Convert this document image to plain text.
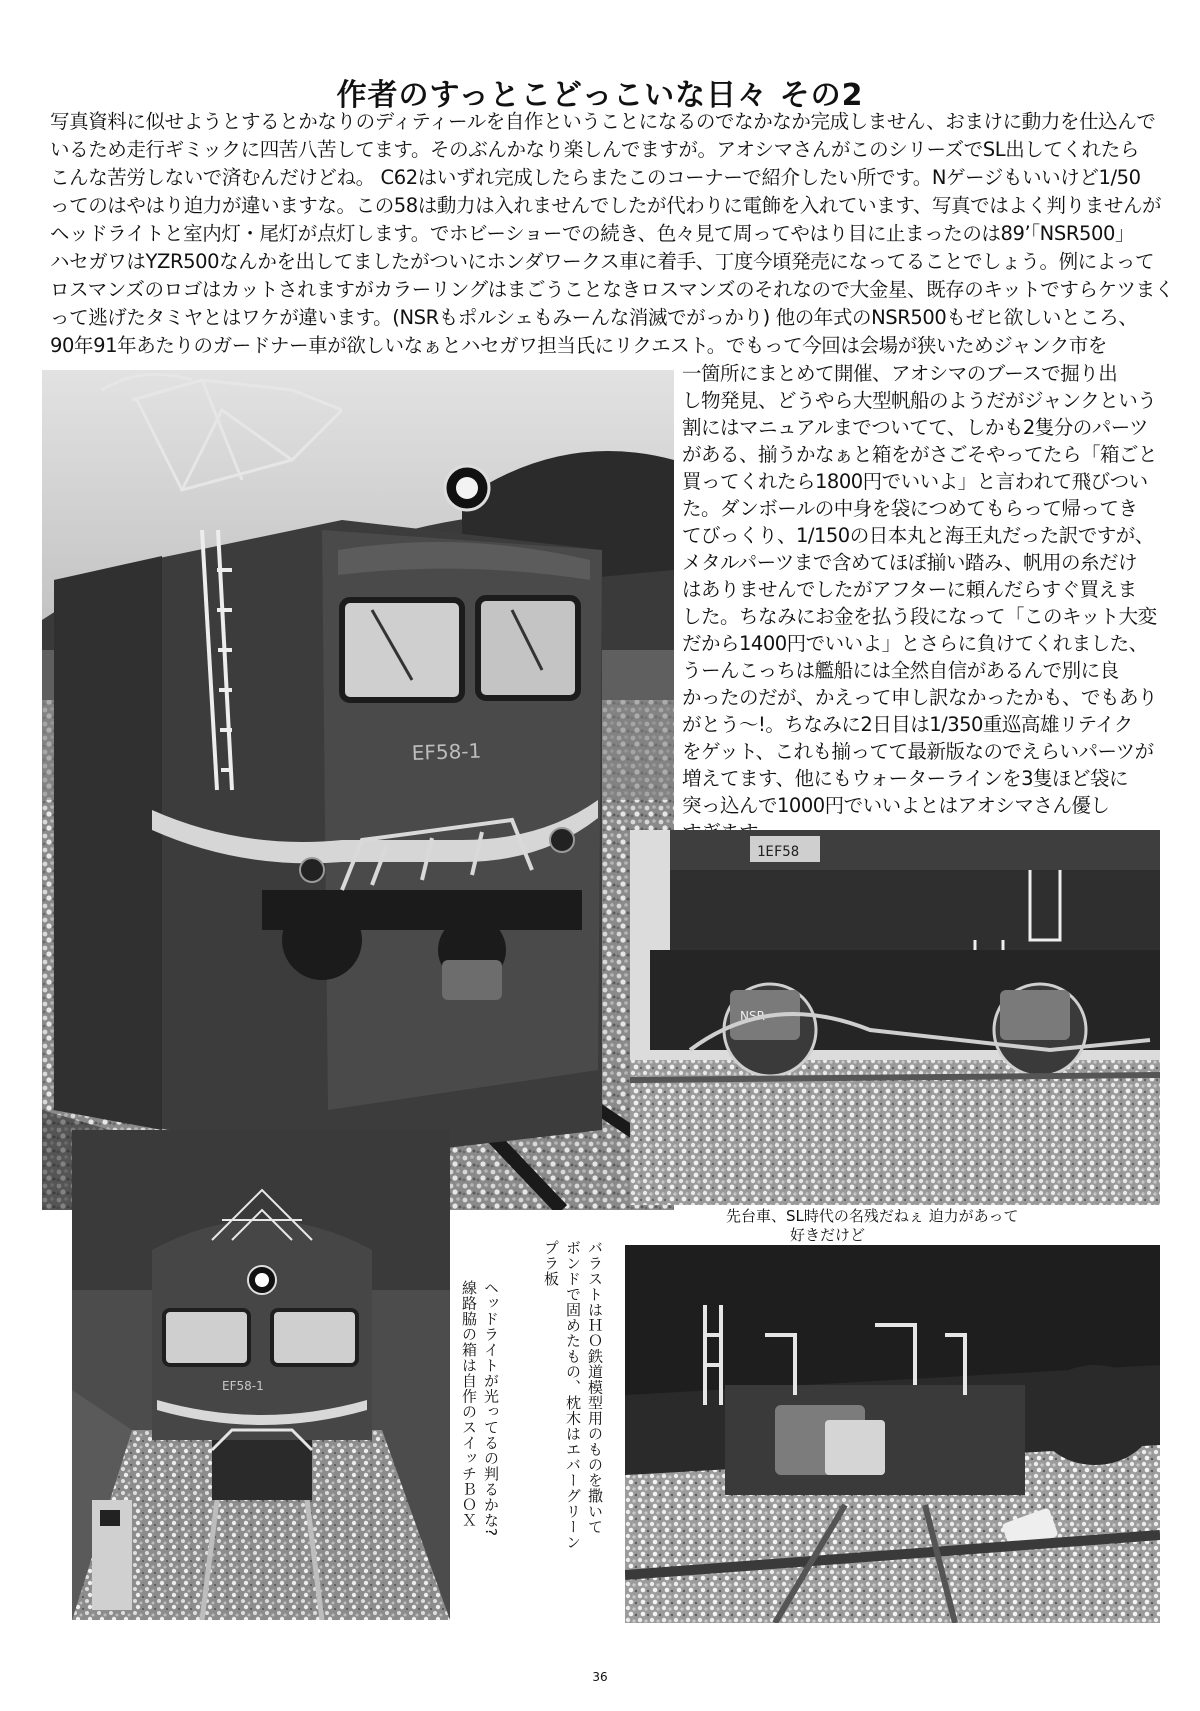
作者のすっとこどっこいな日々 その2
写真資料に似せようとするとかなりのディティールを自作ということになるのでなかなか完成しません、おまけに動力を仕込んで
いるため走行ギミックに四苦八苦してます。そのぶんかなり楽しんでますが。アオシマさんがこのシリーズでSL出してくれたら
こんな苦労しないで済むんだけどね。 C62はいずれ完成したらまたこのコーナーで紹介したい所です。Nゲージもいいけど1/50
ってのはやはり迫力が違いますな。この58は動力は入れませんでしたが代わりに電飾を入れています、写真ではよく判りませんが
ヘッドライトと室内灯・尾灯が点灯します。でホビーショーでの続き、色々見て周ってやはり目に止まったのは89’「NSR500」
ハセガワはYZR500なんかを出してましたがついにホンダワークス車に着手、丁度今頃発売になってることでしょう。例によって
ロスマンズのロゴはカットされますがカラーリングはまごうことなきロスマンズのそれなので大金星、既存のキットですらケツまく
って逃げたタミヤとはワケが違います。(NSRもポルシェもみーんな消滅でがっかり) 他の年式のNSR500もゼヒ欲しいところ、
90年91年あたりのガードナー車が欲しいなぁとハセガワ担当氏にリクエスト。でもって今回は会場が狭いためジャンク市を
一箇所にまとめて開催、アオシマのブースで掘り出
し物発見、どうやら大型帆船のようだがジャンクという
割にはマニュアルまでついてて、しかも2隻分のパーツ
がある、揃うかなぁと箱をがさごそやってたら「箱ごと
買ってくれたら1800円でいいよ」と言われて飛びつい
た。ダンボールの中身を袋につめてもらって帰ってき
てびっくり、1/150の日本丸と海王丸だった訳ですが、
メタルパーツまで含めてほぼ揃い踏み、帆用の糸だけ
はありませんでしたがアフターに頼んだらすぐ買えま
した。ちなみにお金を払う段になって「このキット大変
だから1400円でいいよ」とさらに負けてくれました、
うーんこっちは艦船には全然自信があるんで別に良
かったのだが、かえって申し訳なかったかも、でもあり
がとう～!。ちなみに2日目は1/350重巡高雄リテイク
をゲット、これも揃ってて最新版なのでえらいパーツが
増えてます、他にもウォーターラインを3隻ほど袋に
突っ込んで1000円でいいよとはアオシマさん優し
EF58-1
1EF58
NSR
EF58-1
先台車、SL時代の名残だねぇ 迫力があって
好きだけど
バラストはＨＯ鉄道模型用のものを撒いて
ボンドで固めたもの、枕木はエバーグリーン
プラ板
ヘッドライトが光ってるの判るかな?
線路脇の箱は自作のスイッチＢＯＸ
36
